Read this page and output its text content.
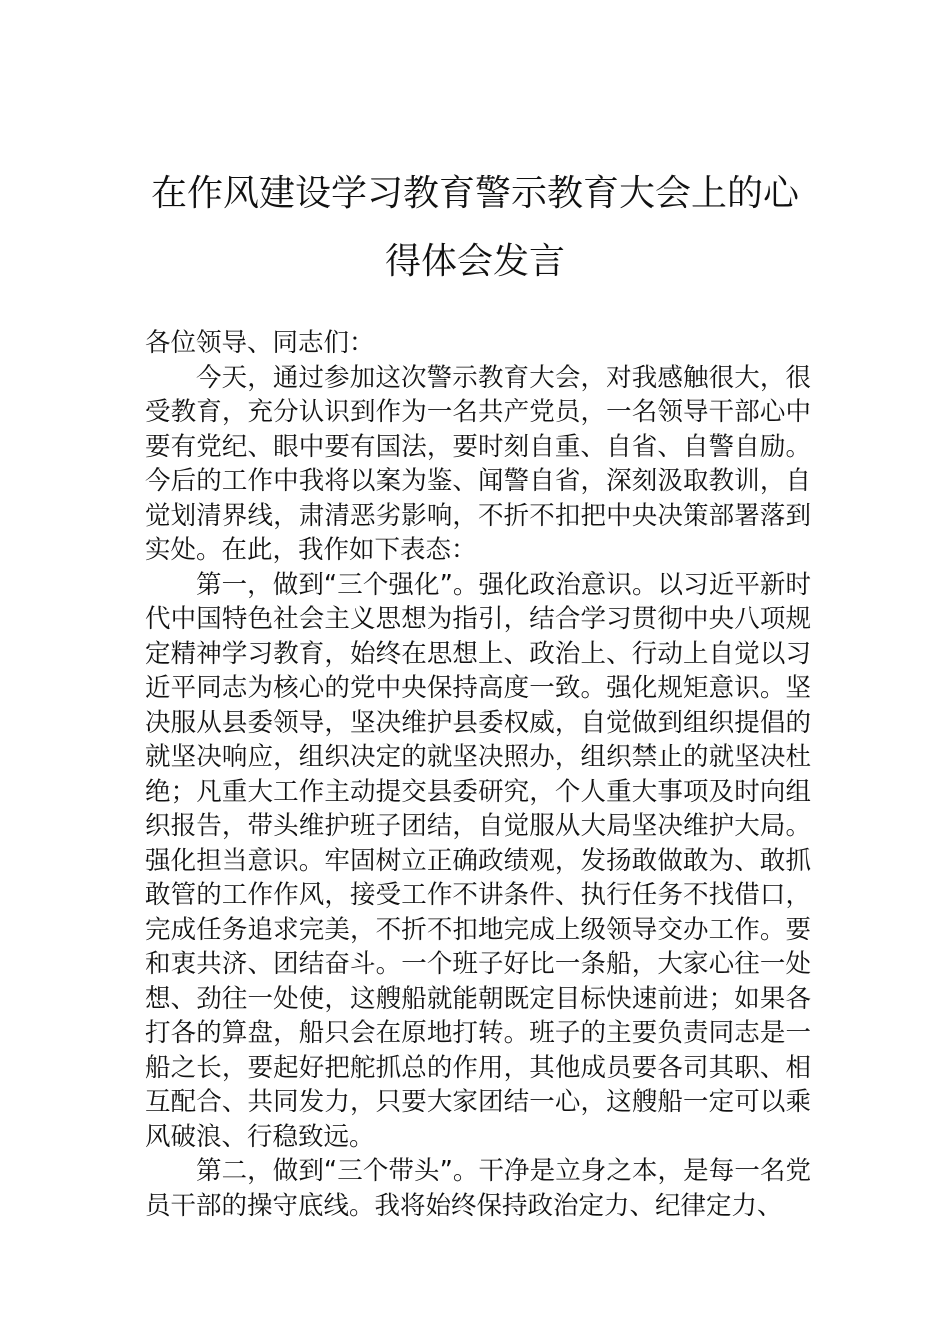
在作风建设学习教育警示教育大会上的心
得体会发言

各位领导、同志们：

今天，通过参加这次警示教育大会，对我感触很大，很受教育，充分认识到作为一名共产党员，一名领导干部心中要有党纪、眼中要有国法，要时刻自重、自省、自警自励。今后的工作中我将以案为鉴、闻警自省，深刻汲取教训，自觉划清界线，肃清恶劣影响，不折不扣把中央决策部署落到实处。在此，我作如下表态：

第一，做到“三个强化”。强化政治意识。以习近平新时代中国特色社会主义思想为指引，结合学习贯彻中央八项规定精神学习教育，始终在思想上、政治上、行动上自觉以习近平同志为核心的党中央保持高度一致。强化规矩意识。坚决服从县委领导，坚决维护县委权威，自觉做到组织提倡的就坚决响应，组织决定的就坚决照办，组织禁止的就坚决杜绝；凡重大工作主动提交县委研究，个人重大事项及时向组织报告，带头维护班子团结，自觉服从大局坚决维护大局。强化担当意识。牢固树立正确政绩观，发扬敢做敢为、敢抓敢管的工作作风，接受工作不讲条件、执行任务不找借口，完成任务追求完美，不折不扣地完成上级领导交办工作。要和衷共济、团结奋斗。一个班子好比一条船，大家心往一处想、劲往一处使，这艘船就能朝既定目标快速前进；如果各打各的算盘，船只会在原地打转。班子的主要负责同志是一船之长，要起好把舵抓总的作用，其他成员要各司其职、相互配合、共同发力，只要大家团结一心，这艘船一定可以乘风破浪、行稳致远。

第二，做到“三个带头”。干净是立身之本，是每一名党员干部的操守底线。我将始终保持政治定力、纪律定力、
